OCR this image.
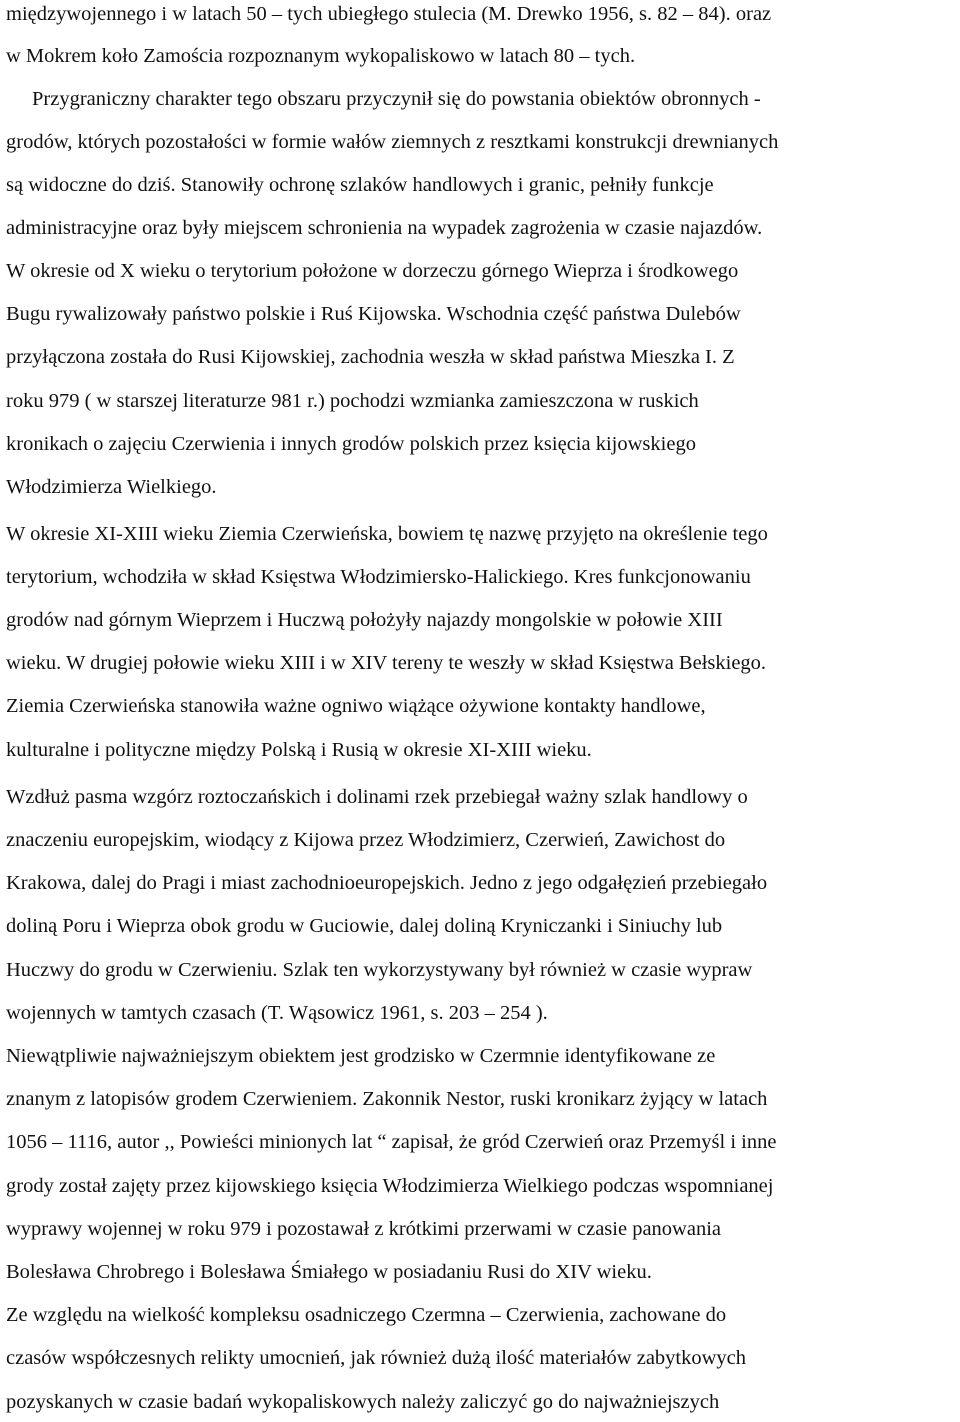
międzywojennego i w latach 50 – tych ubiegłego stulecia (M. Drewko 1956, s. 82 – 84). oraz
w Mokrem koło Zamościa rozpoznanym wykopaliskowo w latach 80 – tych.
Przygraniczny charakter tego obszaru przyczynił się do powstania obiektów obronnych -
grodów, których pozostałości w formie wałów ziemnych z resztkami konstrukcji drewnianych
są widoczne do dziś. Stanowiły ochronę szlaków handlowych i granic, pełniły funkcje
administracyjne oraz były miejscem schronienia na wypadek zagrożenia w czasie najazdów.
W okresie od X wieku o terytorium położone w dorzeczu górnego Wieprza i środkowego
Bugu rywalizowały państwo polskie i Ruś Kijowska. Wschodnia część państwa Dulebów
przyłączona została do Rusi Kijowskiej, zachodnia weszła w skład państwa Mieszka I. Z
roku 979 ( w starszej literaturze 981 r.) pochodzi wzmianka zamieszczona w ruskich
kronikach o zajęciu Czerwienia i innych grodów polskich przez księcia kijowskiego
Włodzimierza Wielkiego.
W okresie XI-XIII wieku Ziemia Czerwieńska, bowiem tę nazwę przyjęto na określenie tego
terytorium, wchodziła w skład Księstwa Włodzimiersko-Halickiego. Kres funkcjonowaniu
grodów nad górnym Wieprzem i Huczwą położyły najazdy mongolskie w połowie XIII
wieku. W drugiej połowie wieku XIII i w XIV tereny te weszły w skład Księstwa Bełskiego.
Ziemia Czerwieńska stanowiła ważne ogniwo wiążące ożywione kontakty handlowe,
kulturalne i polityczne między Polską i Rusią w okresie XI-XIII wieku.
Wzdłuż pasma wzgórz roztoczańskich i dolinami rzek przebiegał ważny szlak handlowy o
znaczeniu europejskim, wiodący z Kijowa przez Włodzimierz, Czerwień, Zawichost do
Krakowa, dalej do Pragi i miast zachodnioeuropejskich. Jedno z jego odgałęzień przebiegało
doliną Poru i Wieprza obok grodu w Guciowie, dalej doliną Kryniczanki i Siniuchy lub
Huczwy do grodu w Czerwieniu. Szlak ten wykorzystywany był również w czasie wypraw
wojennych w tamtych czasach (T. Wąsowicz 1961, s. 203 – 254 ).
Niewątpliwie najważniejszym obiektem jest grodzisko w Czermnie identyfikowane ze
znanym z latopisów grodem Czerwieniem. Zakonnik Nestor, ruski kronikarz żyjący w latach
1056 – 1116, autor ,, Powieści minionych lat “ zapisał, że gród Czerwień oraz Przemyśl i inne
grody został zajęty przez kijowskiego księcia Włodzimierza Wielkiego podczas wspomnianej
wyprawy wojennej w roku 979 i pozostawał z krótkimi przerwami w czasie panowania
Bolesława Chrobrego i Bolesława Śmiałego w posiadaniu Rusi do XIV wieku.
Ze względu na wielkość kompleksu osadniczego Czermna – Czerwienia, zachowane do
czasów współczesnych relikty umocnień, jak również dużą ilość materiałów zabytkowych
pozyskanych w czasie badań wykopaliskowych należy zaliczyć go do najważniejszych
